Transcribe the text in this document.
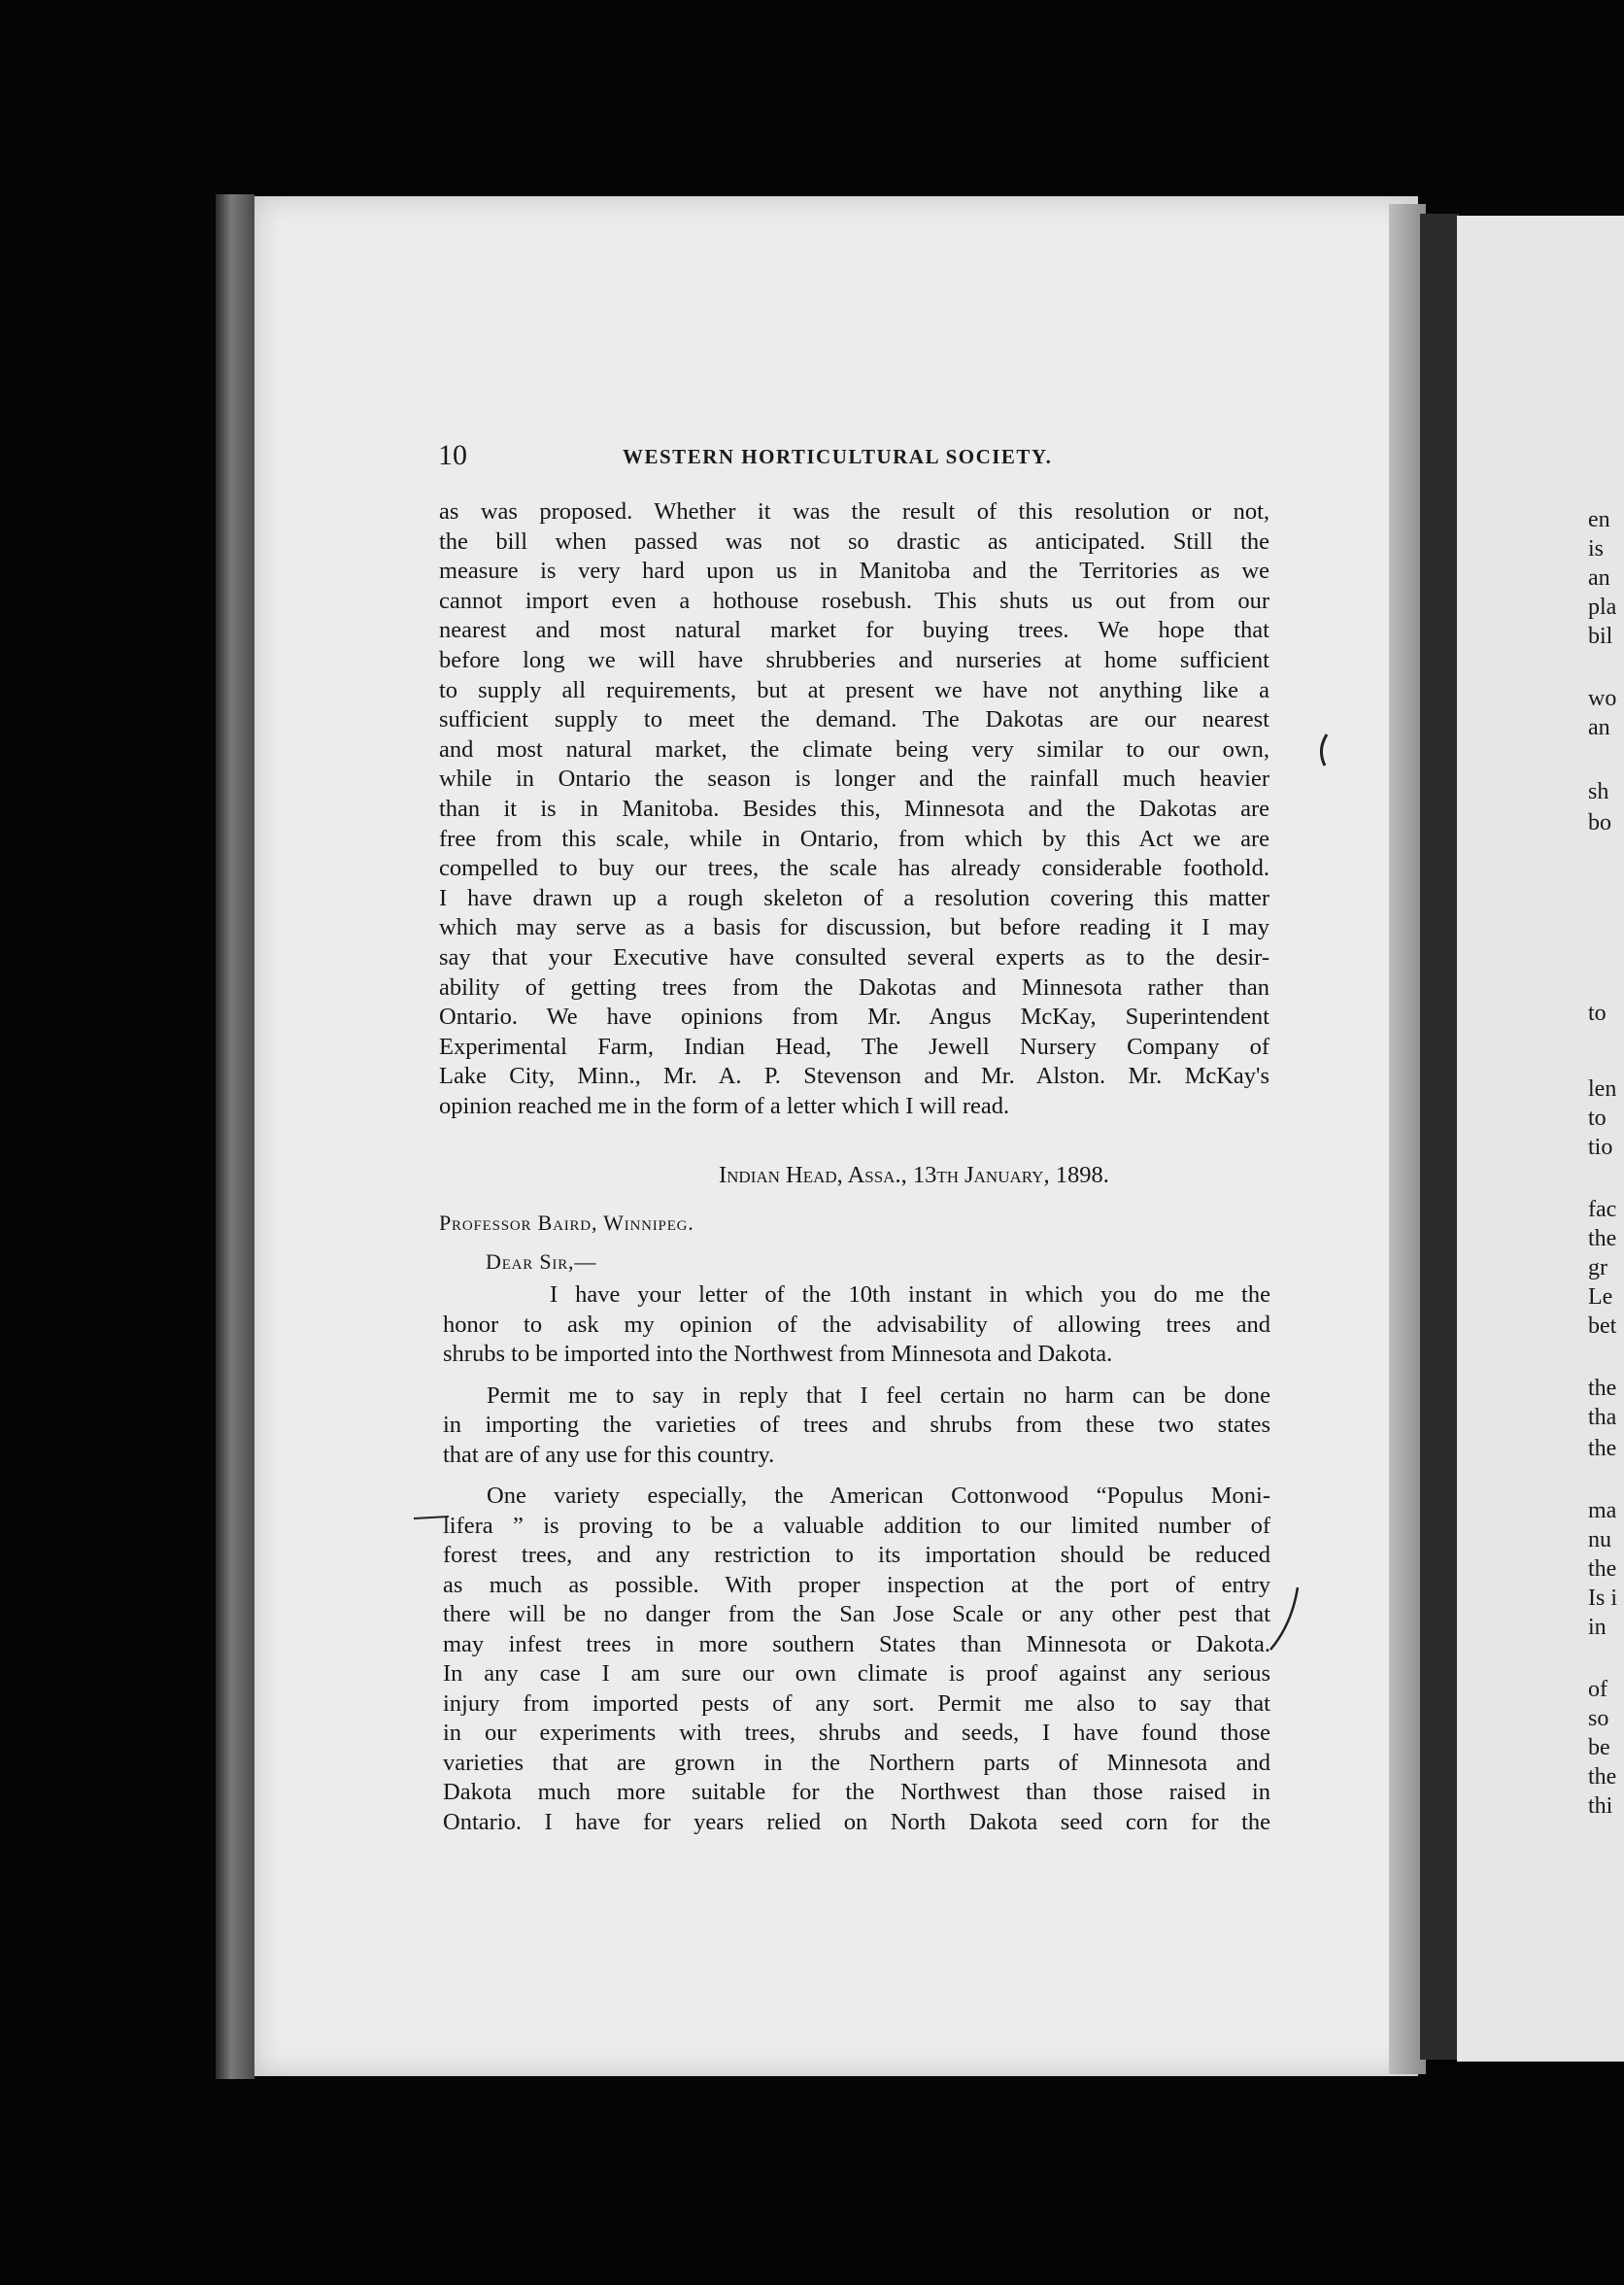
en
is
an
pla
bil
wo
an
sh
bo
to
len
to
tio
fac
the
gr
Le
bet
the
tha
the
ma
nu
the
Is i
in
of
so
be
the
thi
10	WESTERN HORTICULTURAL SOCIETY.
as was proposed. Whether it was the result of this resolution or not,
the bill when passed was not so drastic as anticipated. Still the
measure is very hard upon us in Manitoba and the Territories as we
cannot import even a hothouse rosebush. This shuts us out from our
nearest and most natural market for buying trees. We hope that
before long we will have shrubberies and nurseries at home sufficient
to supply all requirements, but at present we have not anything like a
sufficient supply to meet the demand. The Dakotas are our nearest
and most natural market, the climate being very similar to our own,
while in Ontario the season is longer and the rainfall much heavier
than it is in Manitoba. Besides this, Minnesota and the Dakotas are
free from this scale, while in Ontario, from which by this Act we are
compelled to buy our trees, the scale has already considerable foothold.
I have drawn up a rough skeleton of a resolution covering this matter
which may serve as a basis for discussion, but before reading it I may
say that your Executive have consulted several experts as to the desir-
ability of getting trees from the Dakotas and Minnesota rather than
Ontario. We have opinions from Mr. Angus McKay, Superintendent
Experimental Farm, Indian Head, The Jewell Nursery Company of
Lake City, Minn., Mr. A. P. Stevenson and Mr. Alston. Mr. McKay's
opinion reached me in the form of a letter which I will read.
Indian Head, Assa., 13th January, 1898.
Professor Baird, Winnipeg.
Dear Sir,—
I have your letter of the 10th instant in which you do me the
honor to ask my opinion of the advisability of allowing trees and
shrubs to be imported into the Northwest from Minnesota and Dakota.
Permit me to say in reply that I feel certain no harm can be done
in importing the varieties of trees and shrubs from these two states
that are of any use for this country.
One variety especially, the American Cottonwood “Populus Moni-
lifera ” is proving to be a valuable addition to our limited number of
forest trees, and any restriction to its importation should be reduced
as much as possible. With proper inspection at the port of entry
there will be no danger from the San Jose Scale or any other pest that
may infest trees in more southern States than Minnesota or Dakota.
In any case I am sure our own climate is proof against any serious
injury from imported pests of any sort. Permit me also to say that
in our experiments with trees, shrubs and seeds, I have found those
varieties that are grown in the Northern parts of Minnesota and
Dakota much more suitable for the Northwest than those raised in
Ontario. I have for years relied on North Dakota seed corn for the
